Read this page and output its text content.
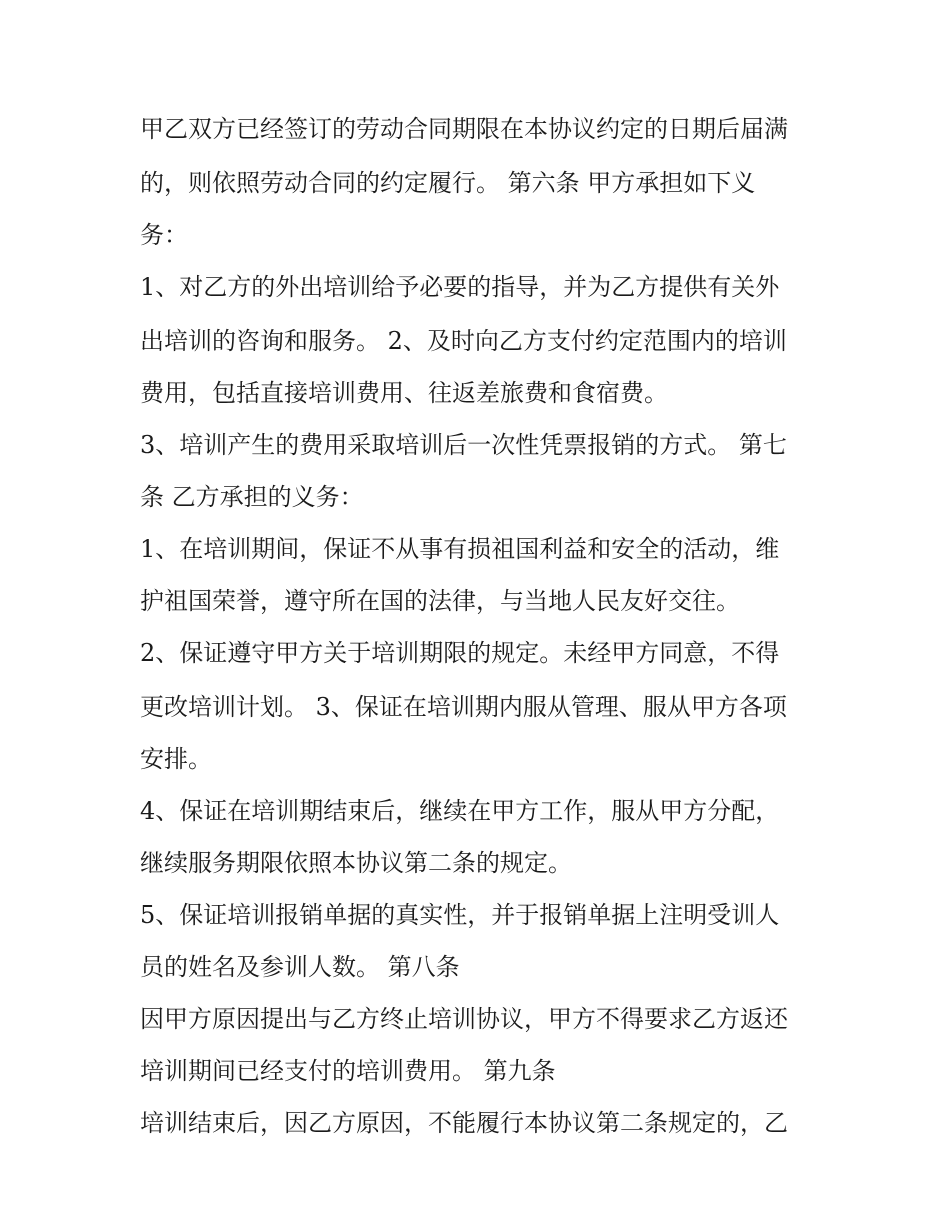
甲乙双方已经签订的劳动合同期限在本协议约定的日期后届满
的，则依照劳动合同的约定履行。 第六条 甲方承担如下义
务：
1、对乙方的外出培训给予必要的指导，并为乙方提供有关外
出培训的咨询和服务。 2、及时向乙方支付约定范围内的培训
费用，包括直接培训费用、往返差旅费和食宿费。
3、培训产生的费用采取培训后一次性凭票报销的方式。 第七
条 乙方承担的义务：
1、在培训期间，保证不从事有损祖国利益和安全的活动，维
护祖国荣誉，遵守所在国的法律，与当地人民友好交往。
2、保证遵守甲方关于培训期限的规定。未经甲方同意，不得
更改培训计划。 3、保证在培训期内服从管理、服从甲方各项
安排。
4、保证在培训期结束后，继续在甲方工作，服从甲方分配，
继续服务期限依照本协议第二条的规定。
5、保证培训报销单据的真实性，并于报销单据上注明受训人
员的姓名及参训人数。 第八条
因甲方原因提出与乙方终止培训协议，甲方不得要求乙方返还
培训期间已经支付的培训费用。 第九条
培训结束后，因乙方原因，不能履行本协议第二条规定的，乙
